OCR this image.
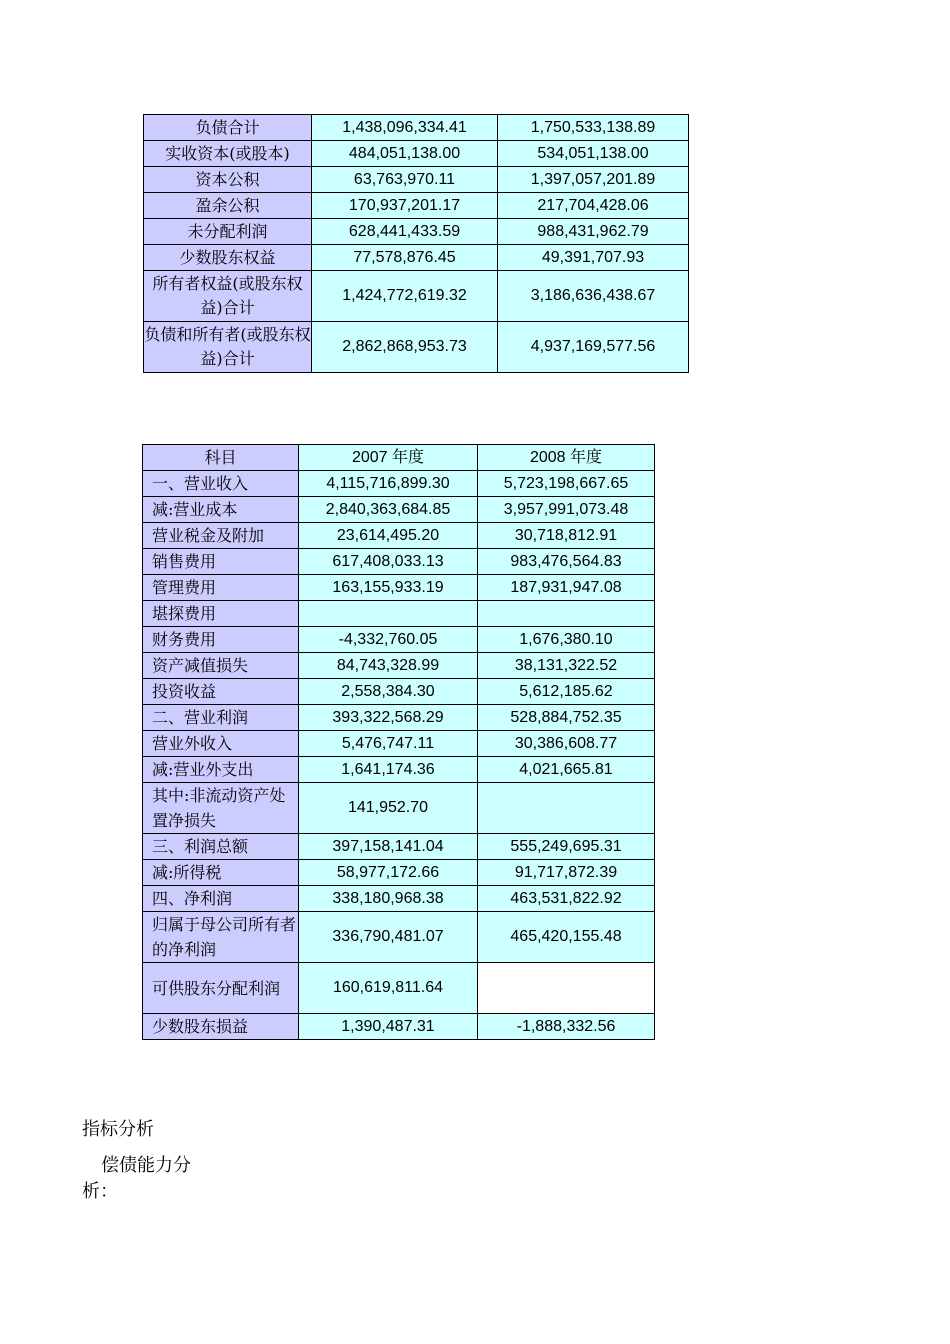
负债合计	1,438,096,334.41	1,750,533,138.89
实收资本(或股本)	484,051,138.00	534,051,138.00
资本公积	63,763,970.11	1,397,057,201.89
盈余公积	170,937,201.17	217,704,428.06
未分配利润	628,441,433.59	988,431,962.79
少数股东权益	77,578,876.45	49,391,707.93
所有者权益(或股东权益)合计	1,424,772,619.32	3,186,636,438.67
负债和所有者(或股东权益)合计	2,862,868,953.73	4,937,169,577.56
科目	2007 年度	2008 年度
一、营业收入	4,115,716,899.30	5,723,198,667.65
减:营业成本	2,840,363,684.85	3,957,991,073.48
营业税金及附加	23,614,495.20	30,718,812.91
销售费用	617,408,033.13	983,476,564.83
管理费用	163,155,933.19	187,931,947.08
堪探费用		
财务费用	-4,332,760.05	1,676,380.10
资产减值损失	84,743,328.99	38,131,322.52
投资收益	2,558,384.30	5,612,185.62
二、营业利润	393,322,568.29	528,884,752.35
营业外收入	5,476,747.11	30,386,608.77
减:营业外支出	1,641,174.36	4,021,665.81
其中:非流动资产处置净损失	141,952.70	
三、利润总额	397,158,141.04	555,249,695.31
减:所得税	58,977,172.66	91,717,872.39
四、净利润	338,180,968.38	463,531,822.92
归属于母公司所有者的净利润	336,790,481.07	465,420,155.48
可供股东分配利润	160,619,811.64	
少数股东损益	1,390,487.31	-1,888,332.56
指标分析
偿债能力分析：
